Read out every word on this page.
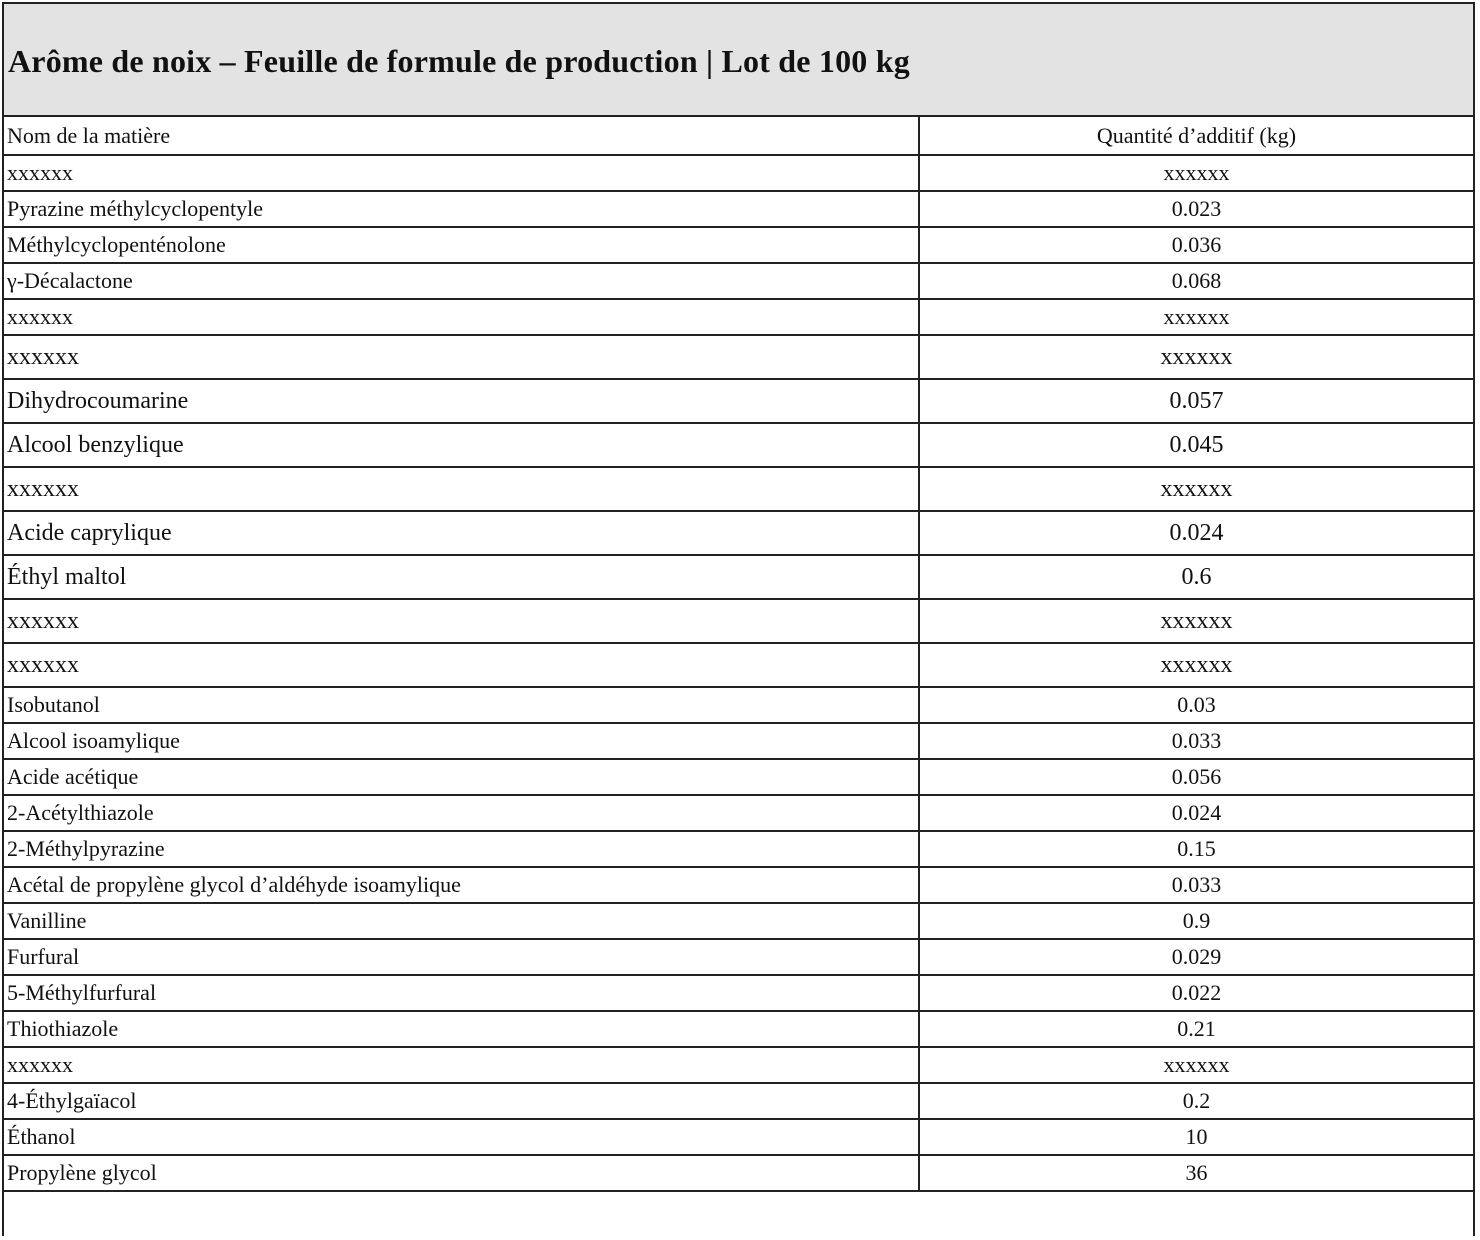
Arôme de noix – Feuille de formule de production | Lot de 100 kg
Nom de la matière	Quantité d’additif (kg)
xxxxxx	xxxxxx
Pyrazine méthylcyclopentyle	0.023
Méthylcyclopenténolone	0.036
γ-Décalactone	0.068
xxxxxx	xxxxxx
xxxxxx	xxxxxx
Dihydrocoumarine	0.057
Alcool benzylique	0.045
xxxxxx	xxxxxx
Acide caprylique	0.024
Éthyl maltol	0.6
xxxxxx	xxxxxx
xxxxxx	xxxxxx
Isobutanol	0.03
Alcool isoamylique	0.033
Acide acétique	0.056
2-Acétylthiazole	0.024
2-Méthylpyrazine	0.15
Acétal de propylène glycol d’aldéhyde isoamylique	0.033
Vanilline	0.9
Furfural	0.029
5-Méthylfurfural	0.022
Thiothiazole	0.21
xxxxxx	xxxxxx
4-Éthylgaïacol	0.2
Éthanol	10
Propylène glycol	36
